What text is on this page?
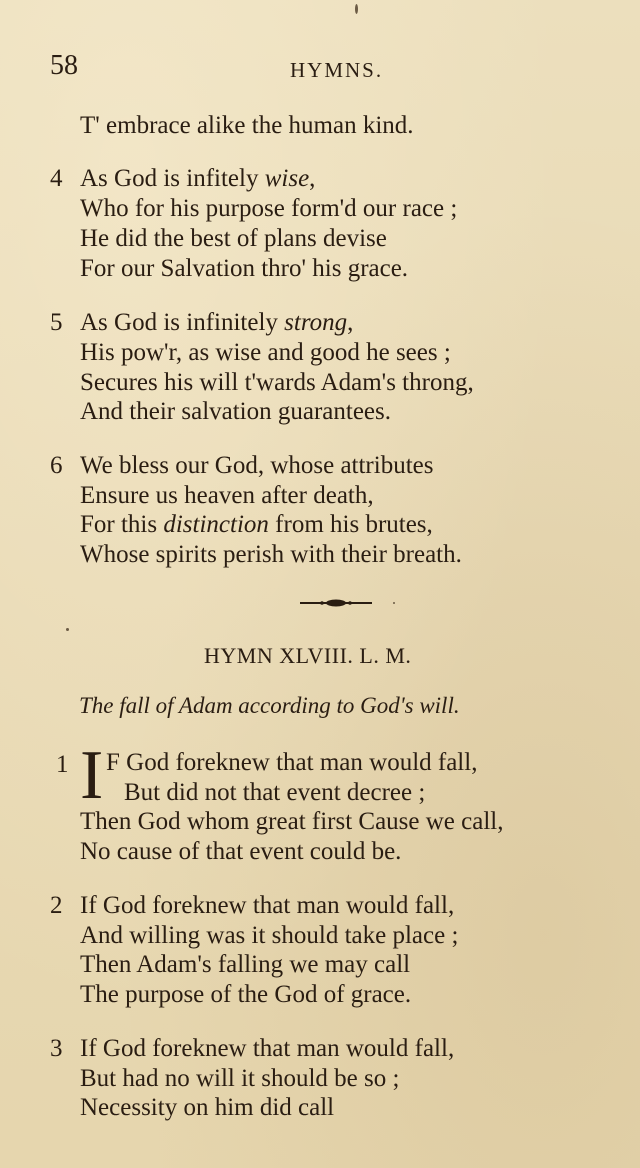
58	HYMNS.
T' embrace alike the human kind.
4 As God is infitely wise,
Who for his purpose form'd our race ;
He did the best of plans devise
For our Salvation thro' his grace.
5 As God is infinitely strong,
His pow'r, as wise and good he sees ;
Secures his will t'wards Adam's throng,
And their salvation guarantees.
6 We bless our God, whose attributes
Ensure us heaven after death,
For this distinction from his brutes,
Whose spirits perish with their breath.
HYMN XLVIII. L. M.
The fall of Adam according to God's will.
1 I F God foreknew that man would fall,
But did not that event decree ;
Then God whom great first Cause we call,
No cause of that event could be.
2 If God foreknew that man would fall,
And willing was it should take place ;
Then Adam's falling we may call
The purpose of the God of grace.
3 If God foreknew that man would fall,
But had no will it should be so ;
Necessity on him did call
